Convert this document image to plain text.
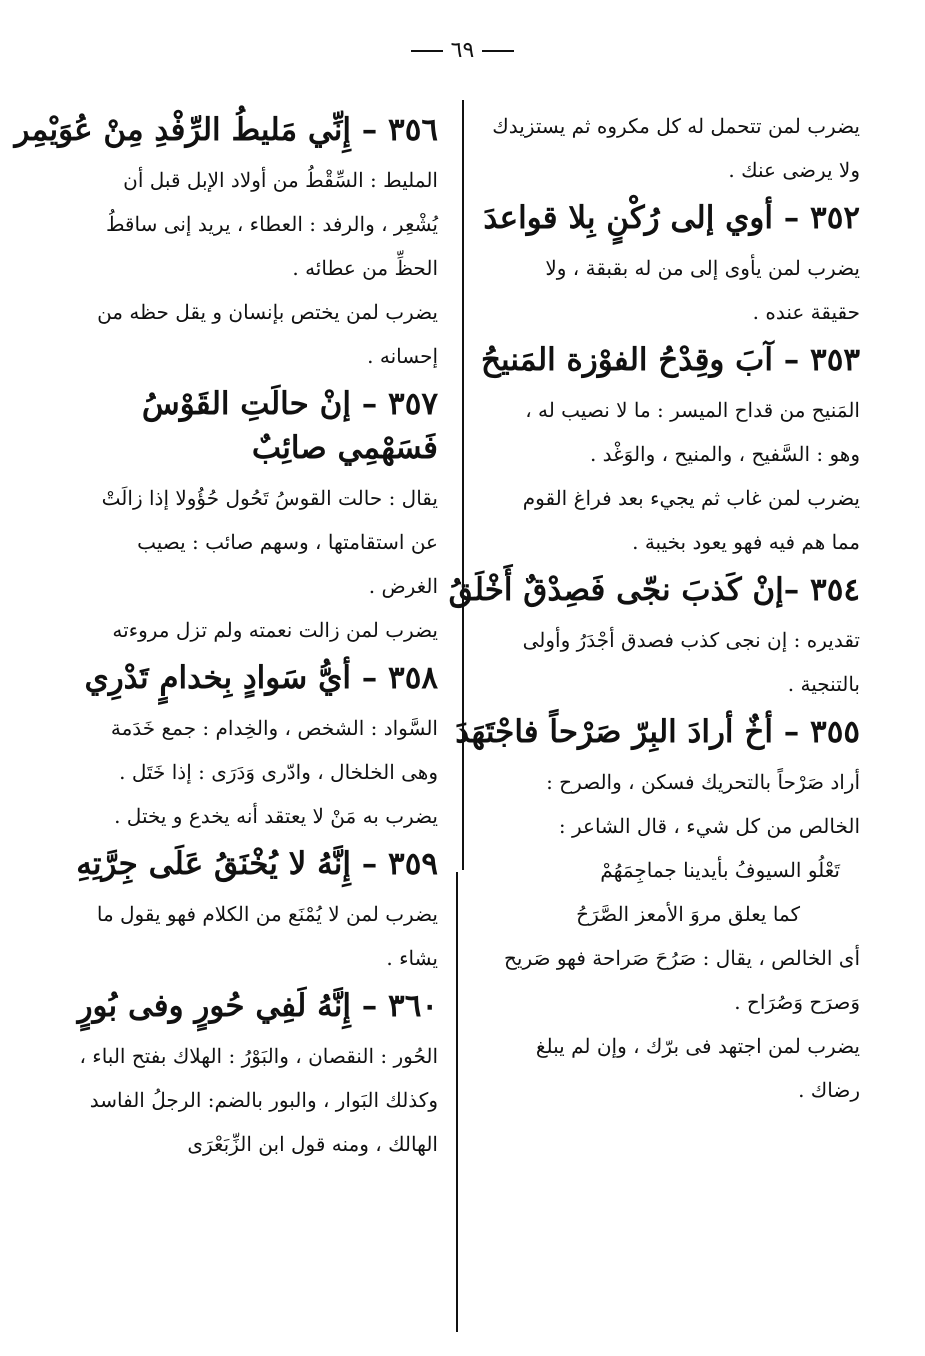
٦٩

يضرب لمن تتحمل له كل مكروه ثم يستزيدك ولا يرضى عنك .

٣٥٢ – أوي إلى رُكْنٍ بِلا قواعدَ

يضرب لمن يأوى إلى من له بقبقة ، ولا حقيقة عنده .

٣٥٣ – آبَ وقِدْحُ الفوْزة المَنيحُ

المَنيح من قداح الميسر : ما لا نصيب له ، وهو : السَّفيح ، والمنيح ، والوَغْد .

يضرب لمن غاب ثم يجيء بعد فراغ القوم مما هم فيه فهو يعود بخيبة .

٣٥٤ –إنْ كَذبَ نجّى فَصِدْقٌ أَخْلَقُ

تقديره : إن نجى كذب فصدق أجْدَرُ وأولى بالتنجية .

٣٥٥ – أخٌ أرادَ البِرّ صَرْحاً فاجْتَهَدَ

أراد صَرْحاً بالتحريك فسكن ، والصرح : الخالص من كل شيء ، قال الشاعر :

تَعْلُو السيوفُ بأيدينا جماجِمَهُمْ

كما يعلق مروَ الأمعز الصَّرَحُ

أى الخالص ، يقال : صَرُحَ صَراحة فهو صَريح وَصرَح وَصُرَاح .

يضرب لمن اجتهد فى برّك ، وإن لم يبلغ رضاك .

٣٥٦ – إِنِّي مَليطُ الرِّفْدِ مِنْ عُوَيْمِر

المليط : السِّقْطُ من أولاد الإبل قبل أن يُشْعِر ، والرفد : العطاء ، يريد إنى ساقطُ الحظِّ من عطائه .

يضرب لمن يختص بإنسان و يقل حظه من إحسانه .

٣٥٧ – إنْ حالَتِ القَوْسُ فَسَهْمِي صائِبٌ

يقال : حالت القوسُ تَحُول حُؤُولا إذا زالَتْ عن استقامتها ، وسهم صائب : يصيب الغرض .

يضرب لمن زالت نعمته ولم تزل مروءته

٣٥٨ – أيُّ سَوادٍ بِخدامٍ تَدْرِي

السَّواد : الشخص ، والخِدام : جمع خَدَمة وهى الخلخال ، وادّرى وَدَرَى : إذا خَتَل .

يضرب به مَنْ لا يعتقد أنه يخدع و يختل .

٣٥٩ – إِنَّهُ لا يُخْنَقُ عَلَى جِرَّتِهِ

يضرب لمن لا يُمْنَع من الكلام فهو يقول ما يشاء .

٣٦٠ – إِنَّهُ لَفِي حُورٍ وفى بُورٍ

الحُور : النقصان ، والبَوْرُ : الهلاك بفتح الباء ، وكذلك البَوار ، والبور بالضم: الرجلُ الفاسد الهالك ، ومنه قول ابن الزِّبَعْرَى
